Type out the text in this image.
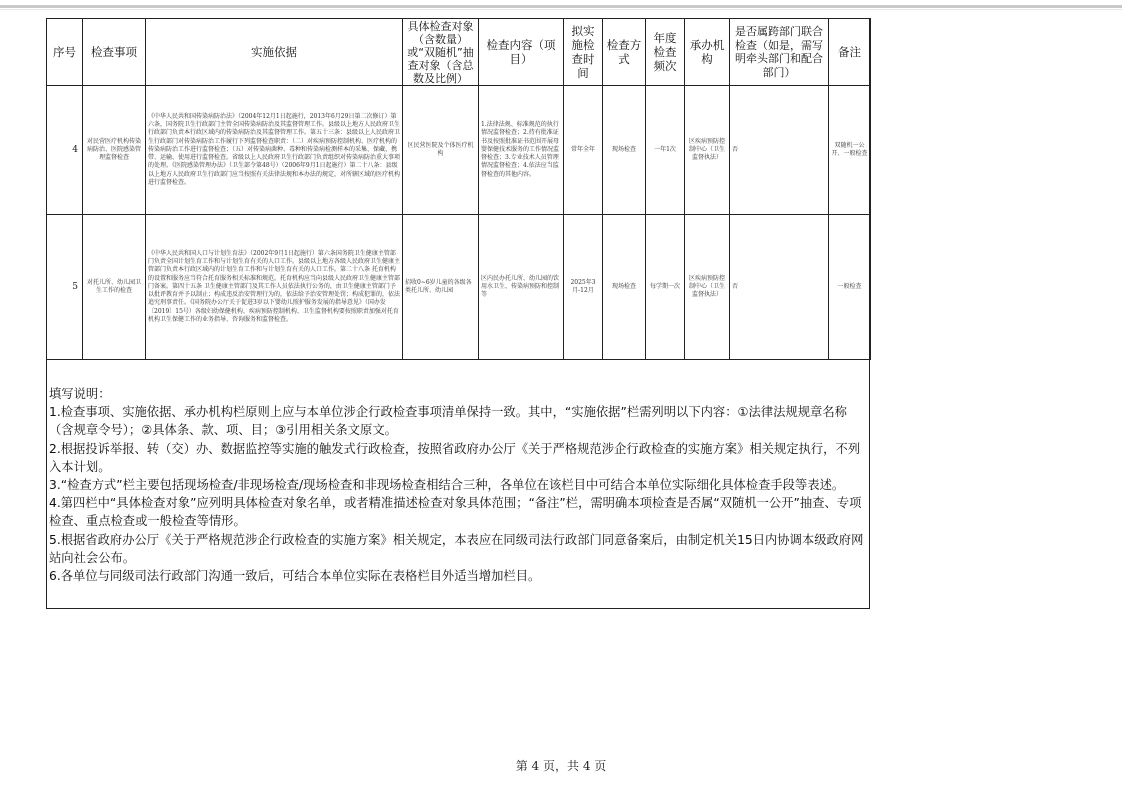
序号	检查事项	实施依据	具体检查对象（含数量）或“双随机”抽查对象（含总数及比例）	检查内容（项目）	拟实施检查时间	检查方式	年度检查频次	承办机构	是否属跨部门联合检查（如是，需写明牵头部门和配合部门）	备注
4	对民营医疗机构传染病防治、医院感染管理监督检查	《中华人民共和国传染病防治法》（2004年12月1日起施行，2013年6月29日第二次修订）第六条，国务院卫生行政部门主管全国传染病防治及其监督管理工作。县级以上地方人民政府卫生行政部门负责本行政区域内的传染病防治及其监督管理工作。第五十三条：县级以上人民政府卫生行政部门对传染病防治工作履行下列监督检查职责：（二）对疾病预防控制机构、医疗机构的传染病防治工作进行监督检查；（五）对传染病菌种、毒种和传染病检测样本的采集、保藏、携带、运输、使用进行监督检查。省级以上人民政府卫生行政部门负责组织对传染病防治重大事项的处理。《医院感染管理办法》（卫生部令第48号）（2006年9月1日起施行）第二十八条：县级以上地方人民政府卫生行政部门应当按照有关法律法规和本办法的规定，对所辖区域的医疗机构进行监督检查。	区民营医院及个体医疗机构	1.法律法规、标准规范的执行情况监督检查；2.持有批准证书及按照批准证书范围开展母婴保健技术服务的工作情况监督检查；3.专业技术人员管理情况监督检查；4.依法应当监督检查的其他内容。	常年全年	现场检查	一年1次	区疾病预防控制中心（卫生监督执法）	否	双随机一公开、一般检查
5	对托儿所、幼儿园卫生工作的检查	《中华人民共和国人口与计划生育法》（2002年9月1日起施行）第六条国务院卫生健康主管部门负责全国计划生育工作和与计划生育有关的人口工作。县级以上地方各级人民政府卫生健康主管部门负责本行政区域内的计划生育工作和与计划生育有关的人口工作。第二十八条 托育机构的设置和服务应当符合托育服务相关标准和规范。托育机构应当向县级人民政府卫生健康主管部门备案。第四十五条 卫生健康主管部门及其工作人员依法执行公务的，由卫生健康主管部门予以批评教育并予以制止；构成违反治安管理行为的，依法给予治安管理处罚；构成犯罪的，依法追究刑事责任。《国务院办公厅关于促进3岁以下婴幼儿照护服务发展的指导意见》（国办发〔2019〕15号）各级妇幼保健机构、疾病预防控制机构、卫生监督机构要按照职责加强对托育机构卫生保健工作的业务指导、咨询服务和监督检查。	招收0~6岁儿童的各级各类托儿所、幼儿园	区内民办托儿所、幼儿园的饮用水卫生、传染病预防和控制等	2025年3月-12月	现场检查	每学期一次	区疾病预防控制中心（卫生监督执法）	否	一般检查

填写说明：

1.检查事项、实施依据、承办机构栏原则上应与本单位涉企行政检查事项清单保持一致。其中，“实施依据”栏需列明以下内容：①法律法规规章名称（含规章令号）；②具体条、款、项、目；③引用相关条文原文。

2.根据投诉举报、转（交）办、数据监控等实施的触发式行政检查，按照省政府办公厅《关于严格规范涉企行政检查的实施方案》相关规定执行，不列入本计划。

3.“检查方式”栏主要包括现场检查/非现场检查/现场检查和非现场检查相结合三种，各单位在该栏目中可结合本单位实际细化具体检查手段等表述。

4.第四栏中“具体检查对象”应列明具体检查对象名单，或者精准描述检查对象具体范围；“备注”栏，需明确本项检查是否属“双随机一公开”抽查、专项检查、重点检查或一般检查等情形。

5.根据省政府办公厅《关于严格规范涉企行政检查的实施方案》相关规定，本表应在同级司法行政部门同意备案后，由制定机关15日内协调本级政府网站向社会公布。

6.各单位与同级司法行政部门沟通一致后，可结合本单位实际在表格栏目外适当增加栏目。

第 4 页，共 4 页
